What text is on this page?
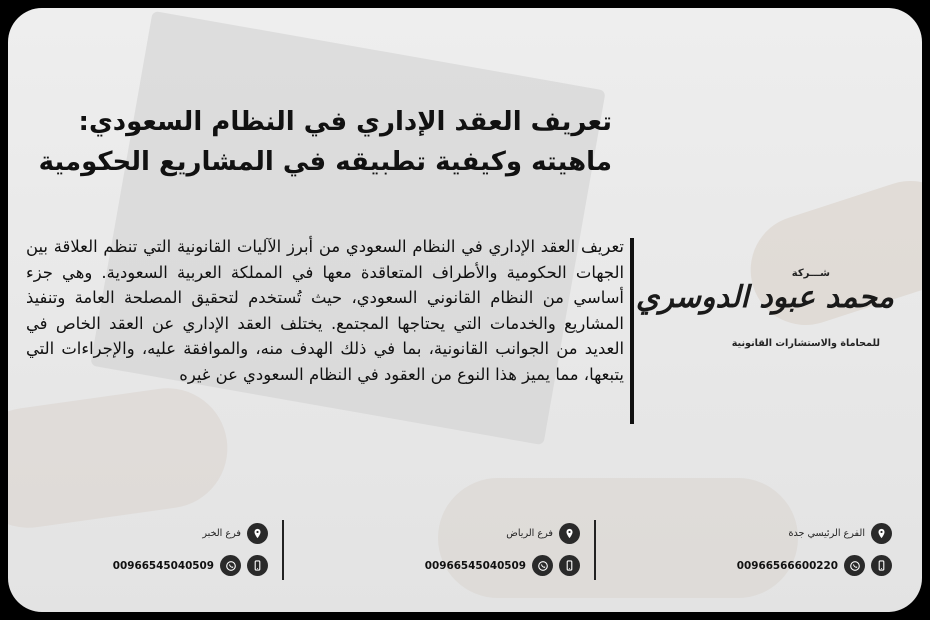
تعريف العقد الإداري في النظام السعودي:
ماهيته وكيفية تطبيقه في المشاريع الحكومية

تعريف العقد الإداري في النظام السعودي من أبرز الآليات القانونية التي تنظم العلاقة بين الجهات الحكومية والأطراف المتعاقدة معها في المملكة العربية السعودية. وهي جزء أساسي من النظام القانوني السعودي، حيث تُستخدم لتحقيق المصلحة العامة وتنفيذ المشاريع والخدمات التي يحتاجها المجتمع. يختلف العقد الإداري عن العقد الخاص في العديد من الجوانب القانونية، بما في ذلك الهدف منه، والموافقة عليه، والإجراءات التي يتبعها، مما يميز هذا النوع من العقود في النظام السعودي عن غيره

شـــركة
محمد عبود الدوسري
للمحاماة والاستشارات القانونية
الفرع الرئيسي جدة
00966566600220
فرع الرياض
00966545040509
فرع الخبر
00966545040509
